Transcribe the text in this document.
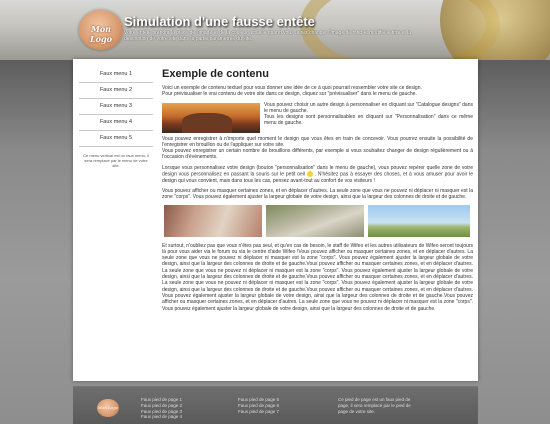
Mon Logo
Simulation d'une fausse entête
Votre entête prendra la place de l'image et de la couleur actuelle quand vous aurez changer l'image de fond et modifié le titre et la description de votre site dans la partie paramètres du site.
Faux menu 1
Faux menu 2
Faux menu 3
Faux menu 4
Faux menu 5
Ce menu vertical est un faux menu, il sera remplacé par le menu de votre site.
Exemple de contenu

Voici un exemple de contenu textuel pour vous donner une idée de ce à quoi pourrait ressembler votre site ce design.
Pour prévisualiser le vrai contenu de votre site dans ce design, cliquez sur "prévisualiser" dans le menu de gauche.

Vous pouvez choisir un autre design à personnaliser en cliquant sur "Catalogue designs" dans le menu de gauche.
Tous les designs sont personnalisables en cliquant sur "Personnalisation" dans ce même menu de gauche.

Vous pouvez enregistrer à n'importe quel moment le design que vous êtes en train de concevoir. Vous pourrez ensuite la possibilité de l'enregistrer en brouillon ou de l'appliquer sur votre site.
Vous pouvez enregistrer un certain nombre de brouillons différents, par exemple si vous souhaitez changer de design régulièrement ou à l'occasion d'évènements.

Lorsque vous personnalisez votre design (bouton "personnalisation" dans le menu de gauche), vous pouvez repérer quelle zone de votre design vous personnalisez en passant la souris sur le petit oeil . N'hésitez pas à essayer des choses, et à vous amuser pour avoir le design qui vous convient, mais dans tous les cas, pensez avant-tout au confort de vos visiteurs !

Vous pouvez afficher ou masquer certaines zones, et en déplacer d'autres. La seule zone que vous ne pouvez ni déplacer ni masquer est la zone "corps". Vous pouvez également ajuster la largeur globale de votre design, ainsi que la largeur des colonnes de droite et de gauche.

Et surtout, n'oubliez pas que vous n'êtes pas seul, et qu'en cas de besoin, le staff de Wifeo et les autres utilisateurs de Wifeo seront toujours là pour vous aider via le forum ou via le centre d'aide Wifeo !Vous pouvez afficher ou masquer certaines zones, et en déplacer d'autres. La seule zone que vous ne pouvez ni déplacer ni masquer est la zone "corps". Vous pouvez également ajuster la largeur globale de votre design, ainsi que la largeur des colonnes de droite et de gauche.Vous pouvez afficher ou masquer certaines zones, et en déplacer d'autres. La seule zone que vous ne pouvez ni déplacer ni masquer est la zone "corps". Vous pouvez également ajuster la largeur globale de votre design, ainsi que la largeur des colonnes de droite et de gauche.Vous pouvez afficher ou masquer certaines zones, et en déplacer d'autres. La seule zone que vous ne pouvez ni déplacer ni masquer est la zone "corps". Vous pouvez également ajuster la largeur globale de votre design, ainsi que la largeur des colonnes de droite et de gauche.Vous pouvez afficher ou masquer certaines zones, et en déplacer d'autres. Vous pouvez également ajuster la largeur globale de votre design, ainsi que la largeur des colonnes de droite et de gauche.Vous pouvez afficher ou masquer certaines zones, et en déplacer d'autres. La seule zone que vous ne pouvez ni déplacer ni masquer est la zone "corps". Vous pouvez également ajuster la largeur globale de votre design, ainsi que la largeur des colonnes de droite et de gauche.

Mon Logo
Faux pied de page 1
Faux pied de page 2
Faux pied de page 3
Faux pied de page 4
Faux pied de page 5
Faux pied de page 6
Faux pied de page 7
Ce pied de page est un faux pied de page, il sera remplacé par le pied de page de votre site.
